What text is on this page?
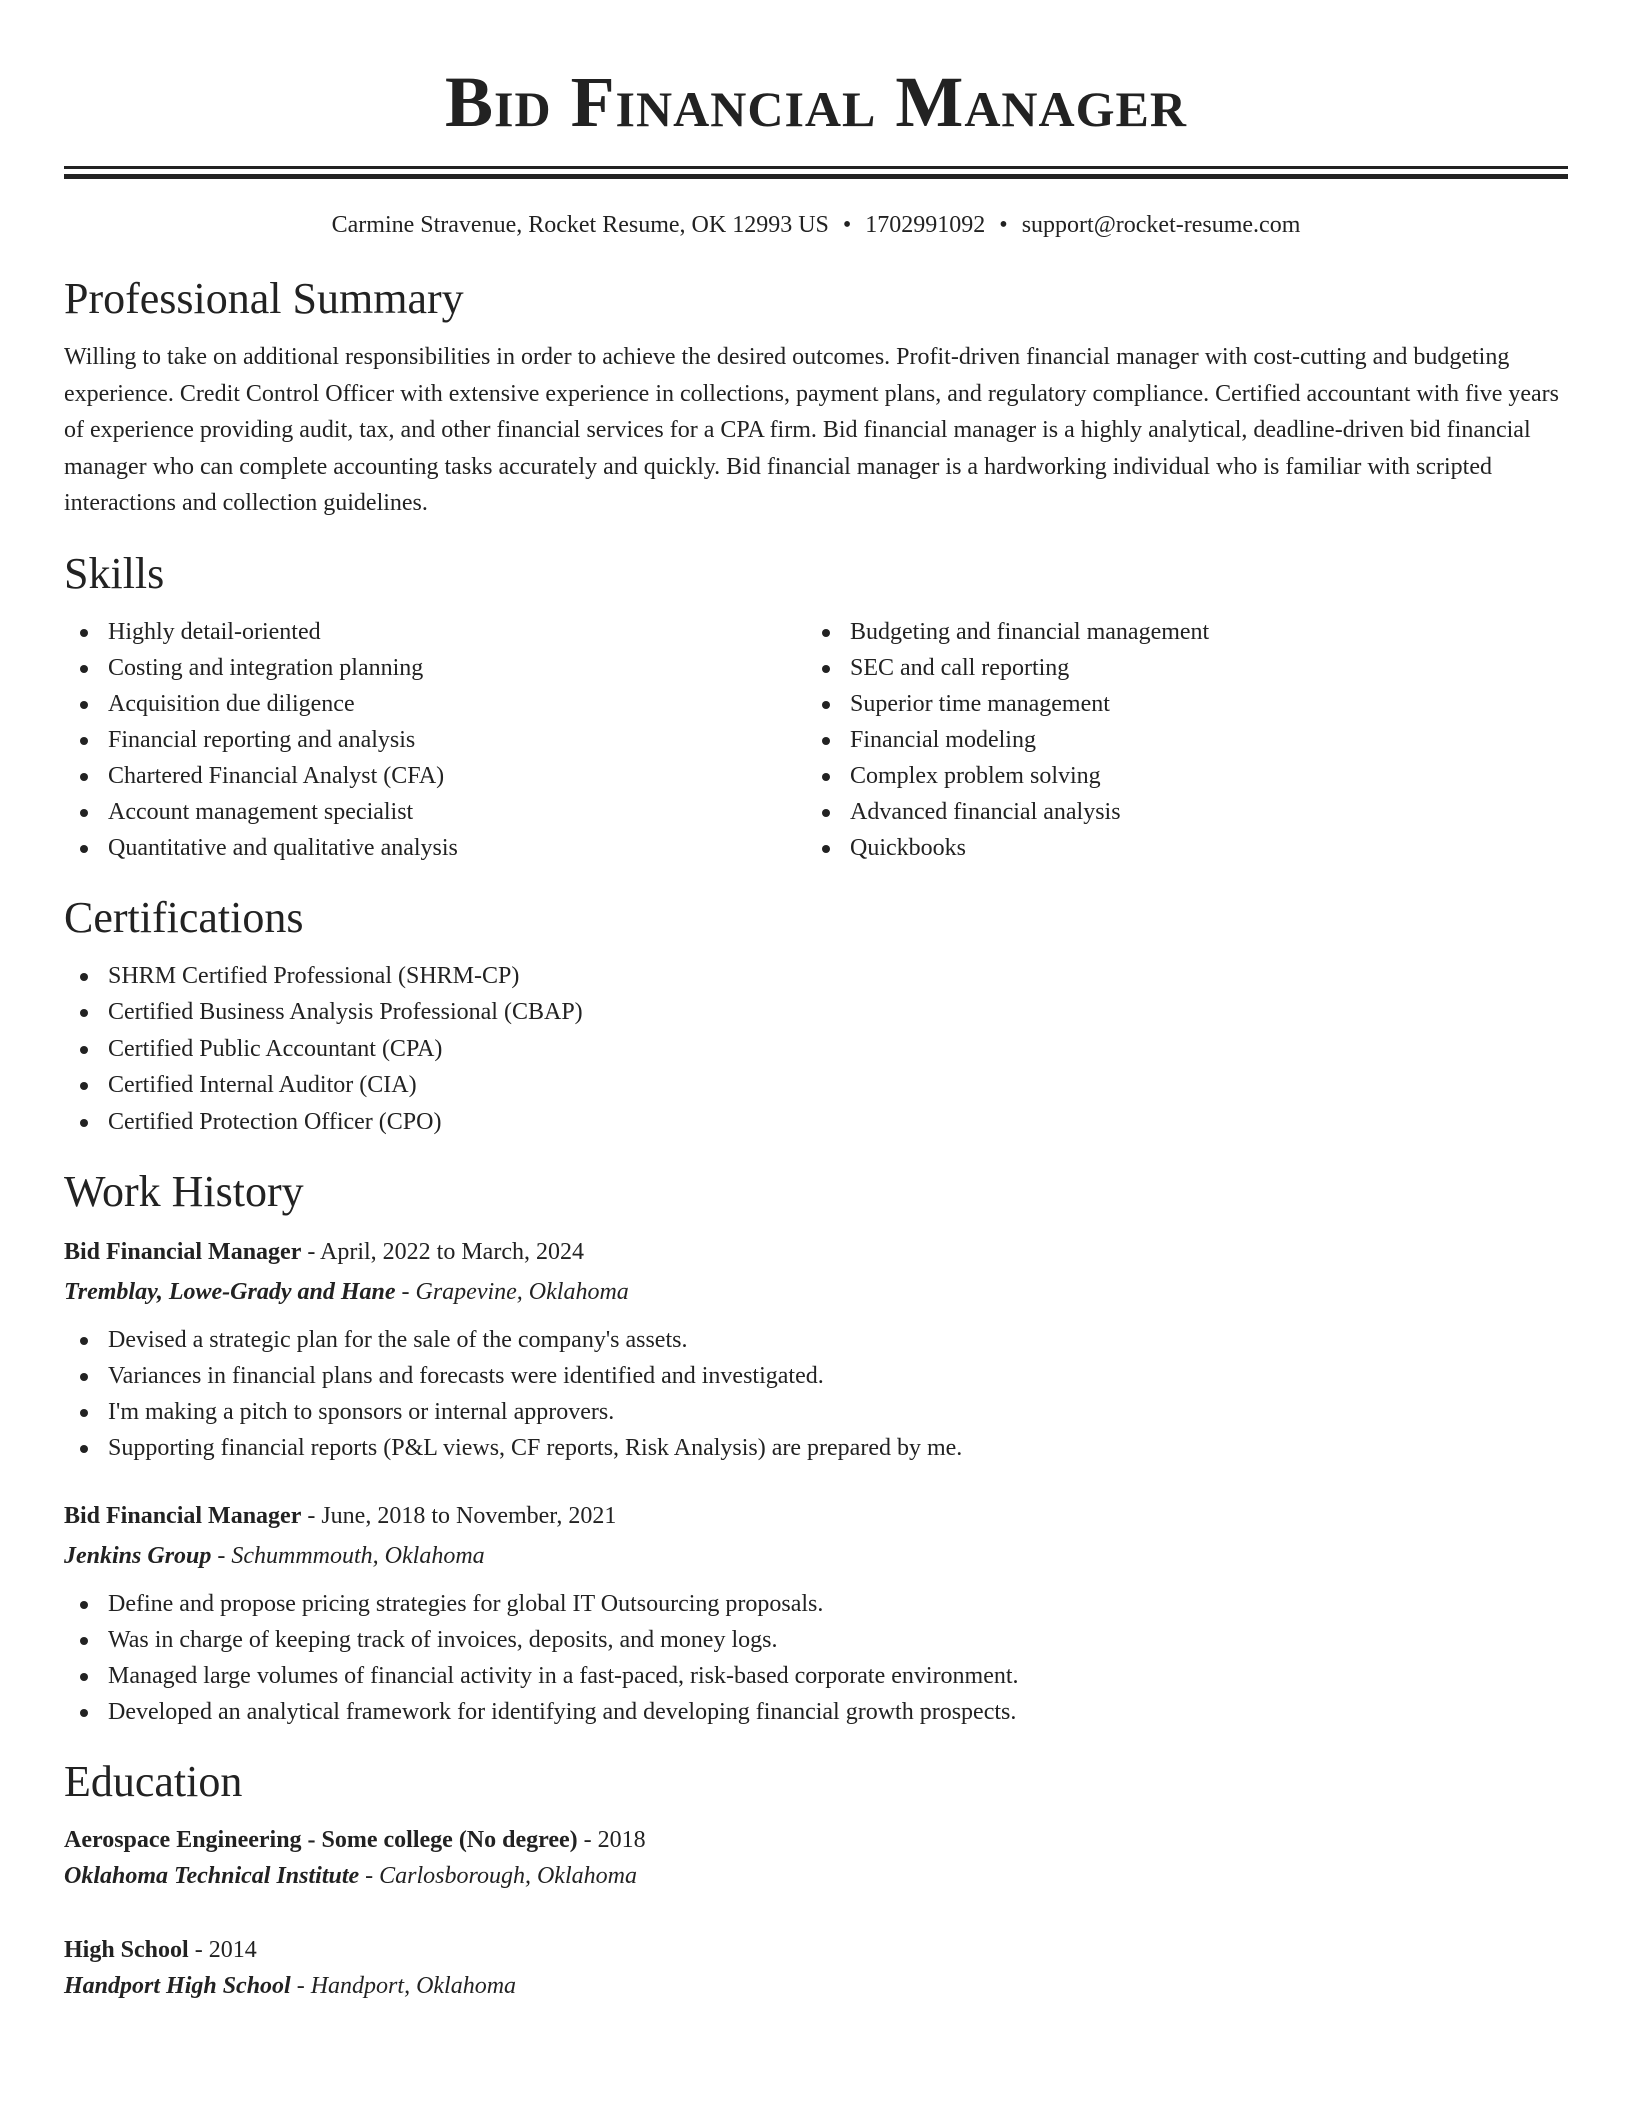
Bid Financial Manager
Carmine Stravenue, Rocket Resume, OK 12993 US • 1702991092 • support@rocket-resume.com
Professional Summary

Willing to take on additional responsibilities in order to achieve the desired outcomes. Profit-driven financial manager with cost-cutting and budgeting experience. Credit Control Officer with extensive experience in collections, payment plans, and regulatory compliance. Certified accountant with five years of experience providing audit, tax, and other financial services for a CPA firm. Bid financial manager is a highly analytical, deadline-driven bid financial manager who can complete accounting tasks accurately and quickly. Bid financial manager is a hardworking individual who is familiar with scripted interactions and collection guidelines.

Skills
Highly detail-oriented
Costing and integration planning
Acquisition due diligence
Financial reporting and analysis
Chartered Financial Analyst (CFA)
Account management specialist
Quantitative and qualitative analysis
Budgeting and financial management
SEC and call reporting
Superior time management
Financial modeling
Complex problem solving
Advanced financial analysis
Quickbooks
Certifications
SHRM Certified Professional (SHRM-CP)
Certified Business Analysis Professional (CBAP)
Certified Public Accountant (CPA)
Certified Internal Auditor (CIA)
Certified Protection Officer (CPO)
Work History
Bid Financial Manager - April, 2022 to March, 2024
Tremblay, Lowe-Grady and Hane - Grapevine, Oklahoma
Devised a strategic plan for the sale of the company's assets.
Variances in financial plans and forecasts were identified and investigated.
I'm making a pitch to sponsors or internal approvers.
Supporting financial reports (P&L views, CF reports, Risk Analysis) are prepared by me.
Bid Financial Manager - June, 2018 to November, 2021
Jenkins Group - Schummmouth, Oklahoma
Define and propose pricing strategies for global IT Outsourcing proposals.
Was in charge of keeping track of invoices, deposits, and money logs.
Managed large volumes of financial activity in a fast-paced, risk-based corporate environment.
Developed an analytical framework for identifying and developing financial growth prospects.
Education
Aerospace Engineering - Some college (No degree) - 2018
Oklahoma Technical Institute - Carlosborough, Oklahoma
High School - 2014
Handport High School - Handport, Oklahoma
